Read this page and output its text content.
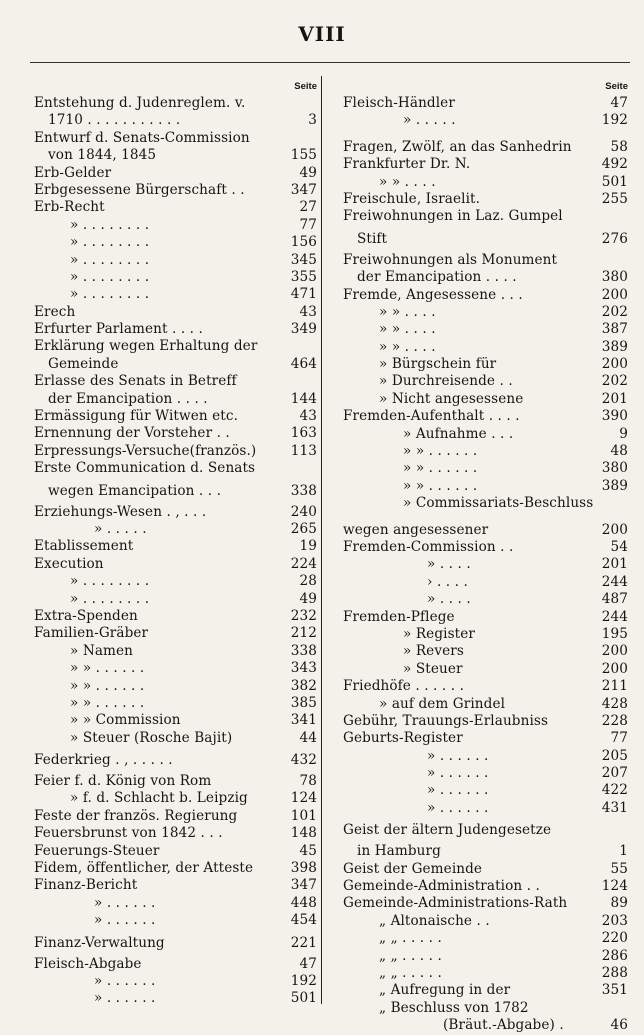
VIII
Seite
Entstehung d. Judenreglem. v.
1710 . . . . . . . . . . .	3
Entwurf d. Senats-Commission
von 1844, 1845	155
Erb-Gelder	49
Erbgesessene Bürgerschaft . .	347
Erb-Recht	27
» . . . . . . . .	77
» . . . . . . . .	156
» . . . . . . . .	345
» . . . . . . . .	355
» . . . . . . . .	471
Erech	43
Erfurter Parlament . . . .	349
Erklärung wegen Erhaltung der
Gemeinde	464
Erlasse des Senats in Betreff
der Emancipation . . . .	144
Ermässigung für Witwen etc.	43
Ernennung der Vorsteher . .	163
Erpressungs-Versuche(französ.)	113
Erste Communication d. Senats
wegen Emancipation . . .	338
Erziehungs-Wesen . , . . .	240
» . . . . .	265
Etablissement	19
Execution	224
» . . . . . . . .	28
» . . . . . . . .	49
Extra-Spenden	232
Familien-Gräber	212
» Namen	338
» » . . . . . .	343
» » . . . . . .	382
» » . . . . . .	385
» » Commission	341
» Steuer (Rosche Bajit)	44
Federkrieg . , . . . . .	432
Feier f. d. König von Rom	78
» f. d. Schlacht b. Leipzig	124
Feste der französ. Regierung	101
Feuersbrunst von 1842 . . .	148
Feuerungs-Steuer	45
Fidem, öffentlicher, der Atteste	398
Finanz-Bericht	347
» . . . . . .	448
» . . . . . .	454
Finanz-Verwaltung	221
Fleisch-Abgabe	47
» . . . . . .	192
» . . . . . .	501
Seite
Fleisch-Händler	47
» . . . . .	192
Fragen, Zwölf, an das Sanhedrin	58
Frankfurter Dr. N.	492
» » . . . .	501
Freischule, Israelit.	255
Freiwohnungen in Laz. Gumpel
Stift	276
Freiwohnungen als Monument
der Emancipation . . . .	380
Fremde, Angesessene . . .	200
» » . . . .	202
» » . . . .	387
» » . . . .	389
» Bürgschein für	200
» Durchreisende . .	202
» Nicht angesessene	201
Fremden-Aufenthalt . . . .	390
» Aufnahme . . .	9
» » . . . . . .	48
» » . . . . . .	380
» » . . . . . .	389
» Commissariats-Beschluss
wegen angesessener	200
Fremden-Commission . .	54
» . . . .	201
› . . . .	244
» . . . .	487
Fremden-Pflege	244
» Register	195
» Revers	200
» Steuer	200
Friedhöfe . . . . . .	211
» auf dem Grindel	428
Gebühr, Trauungs-Erlaubniss	228
Geburts-Register	77
» . . . . . .	205
» . . . . . .	207
» . . . . . .	422
» . . . . . .	431
Geist der ältern Judengesetze
in Hamburg	1
Geist der Gemeinde	55
Gemeinde-Administration . .	124
Gemeinde-Administrations-Rath	89
„ Altonaische . .	203
„ „ . . . . .	220
„ „ . . . . .	286
„ „ . . . . .	288
„ Aufregung in der	351
„ Beschluss von 1782
(Bräut.-Abgabe) .	46
